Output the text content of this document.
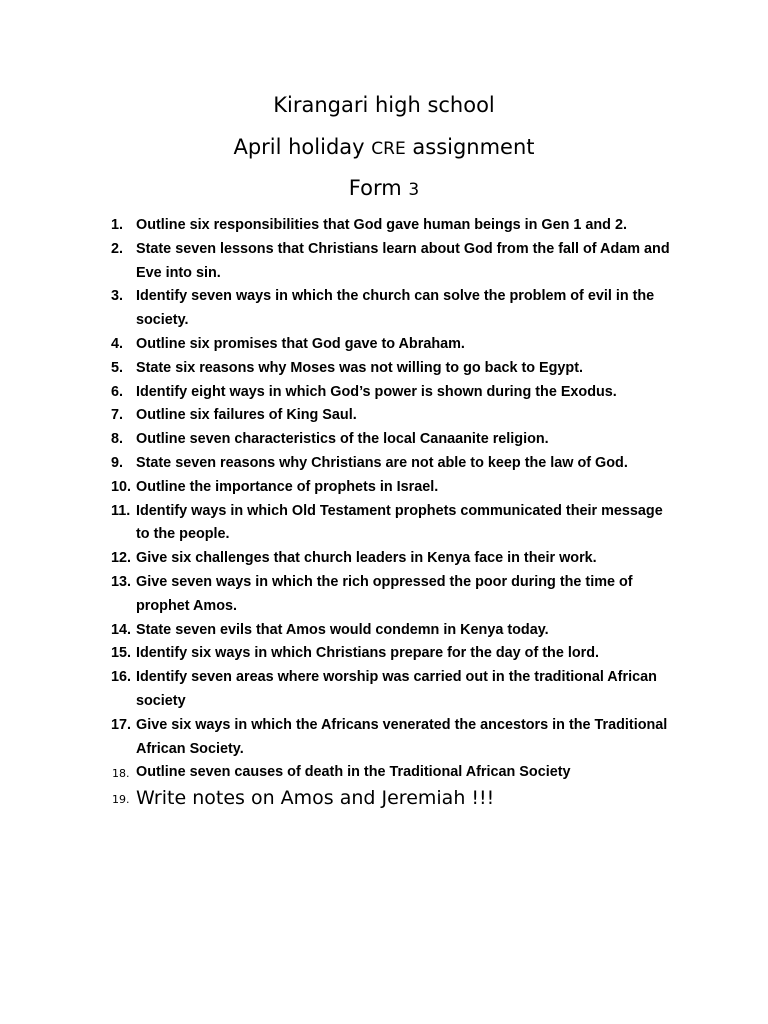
Kirangari high school
April holiday CRE assignment
Form 3
1. Outline six responsibilities that God gave human beings in Gen 1 and 2.
2. State seven lessons that Christians learn about God from the fall of Adam and Eve into sin.
3. Identify seven ways in which the church can solve the problem of evil in the society.
4. Outline six promises that God gave to Abraham.
5. State six reasons why Moses was not willing to go back to Egypt.
6. Identify eight ways in which God’s power is shown during the Exodus.
7. Outline six failures of King Saul.
8. Outline seven characteristics of the local Canaanite religion.
9. State seven reasons why Christians are not able to keep the law of God.
10. Outline the importance of prophets in Israel.
11. Identify ways in which Old Testament prophets communicated their message to the people.
12. Give six challenges that church leaders in Kenya face in their work.
13. Give seven ways in which the rich oppressed the poor during the time of prophet Amos.
14. State seven evils that Amos would condemn in Kenya today.
15. Identify six ways in which Christians prepare for the day of the lord.
16. Identify seven areas where worship was carried out in the traditional African society
17. Give six ways in which the Africans venerated the ancestors in the Traditional African Society.
18. Outline seven causes of death in the Traditional African Society
19. Write notes on Amos and Jeremiah !!!
